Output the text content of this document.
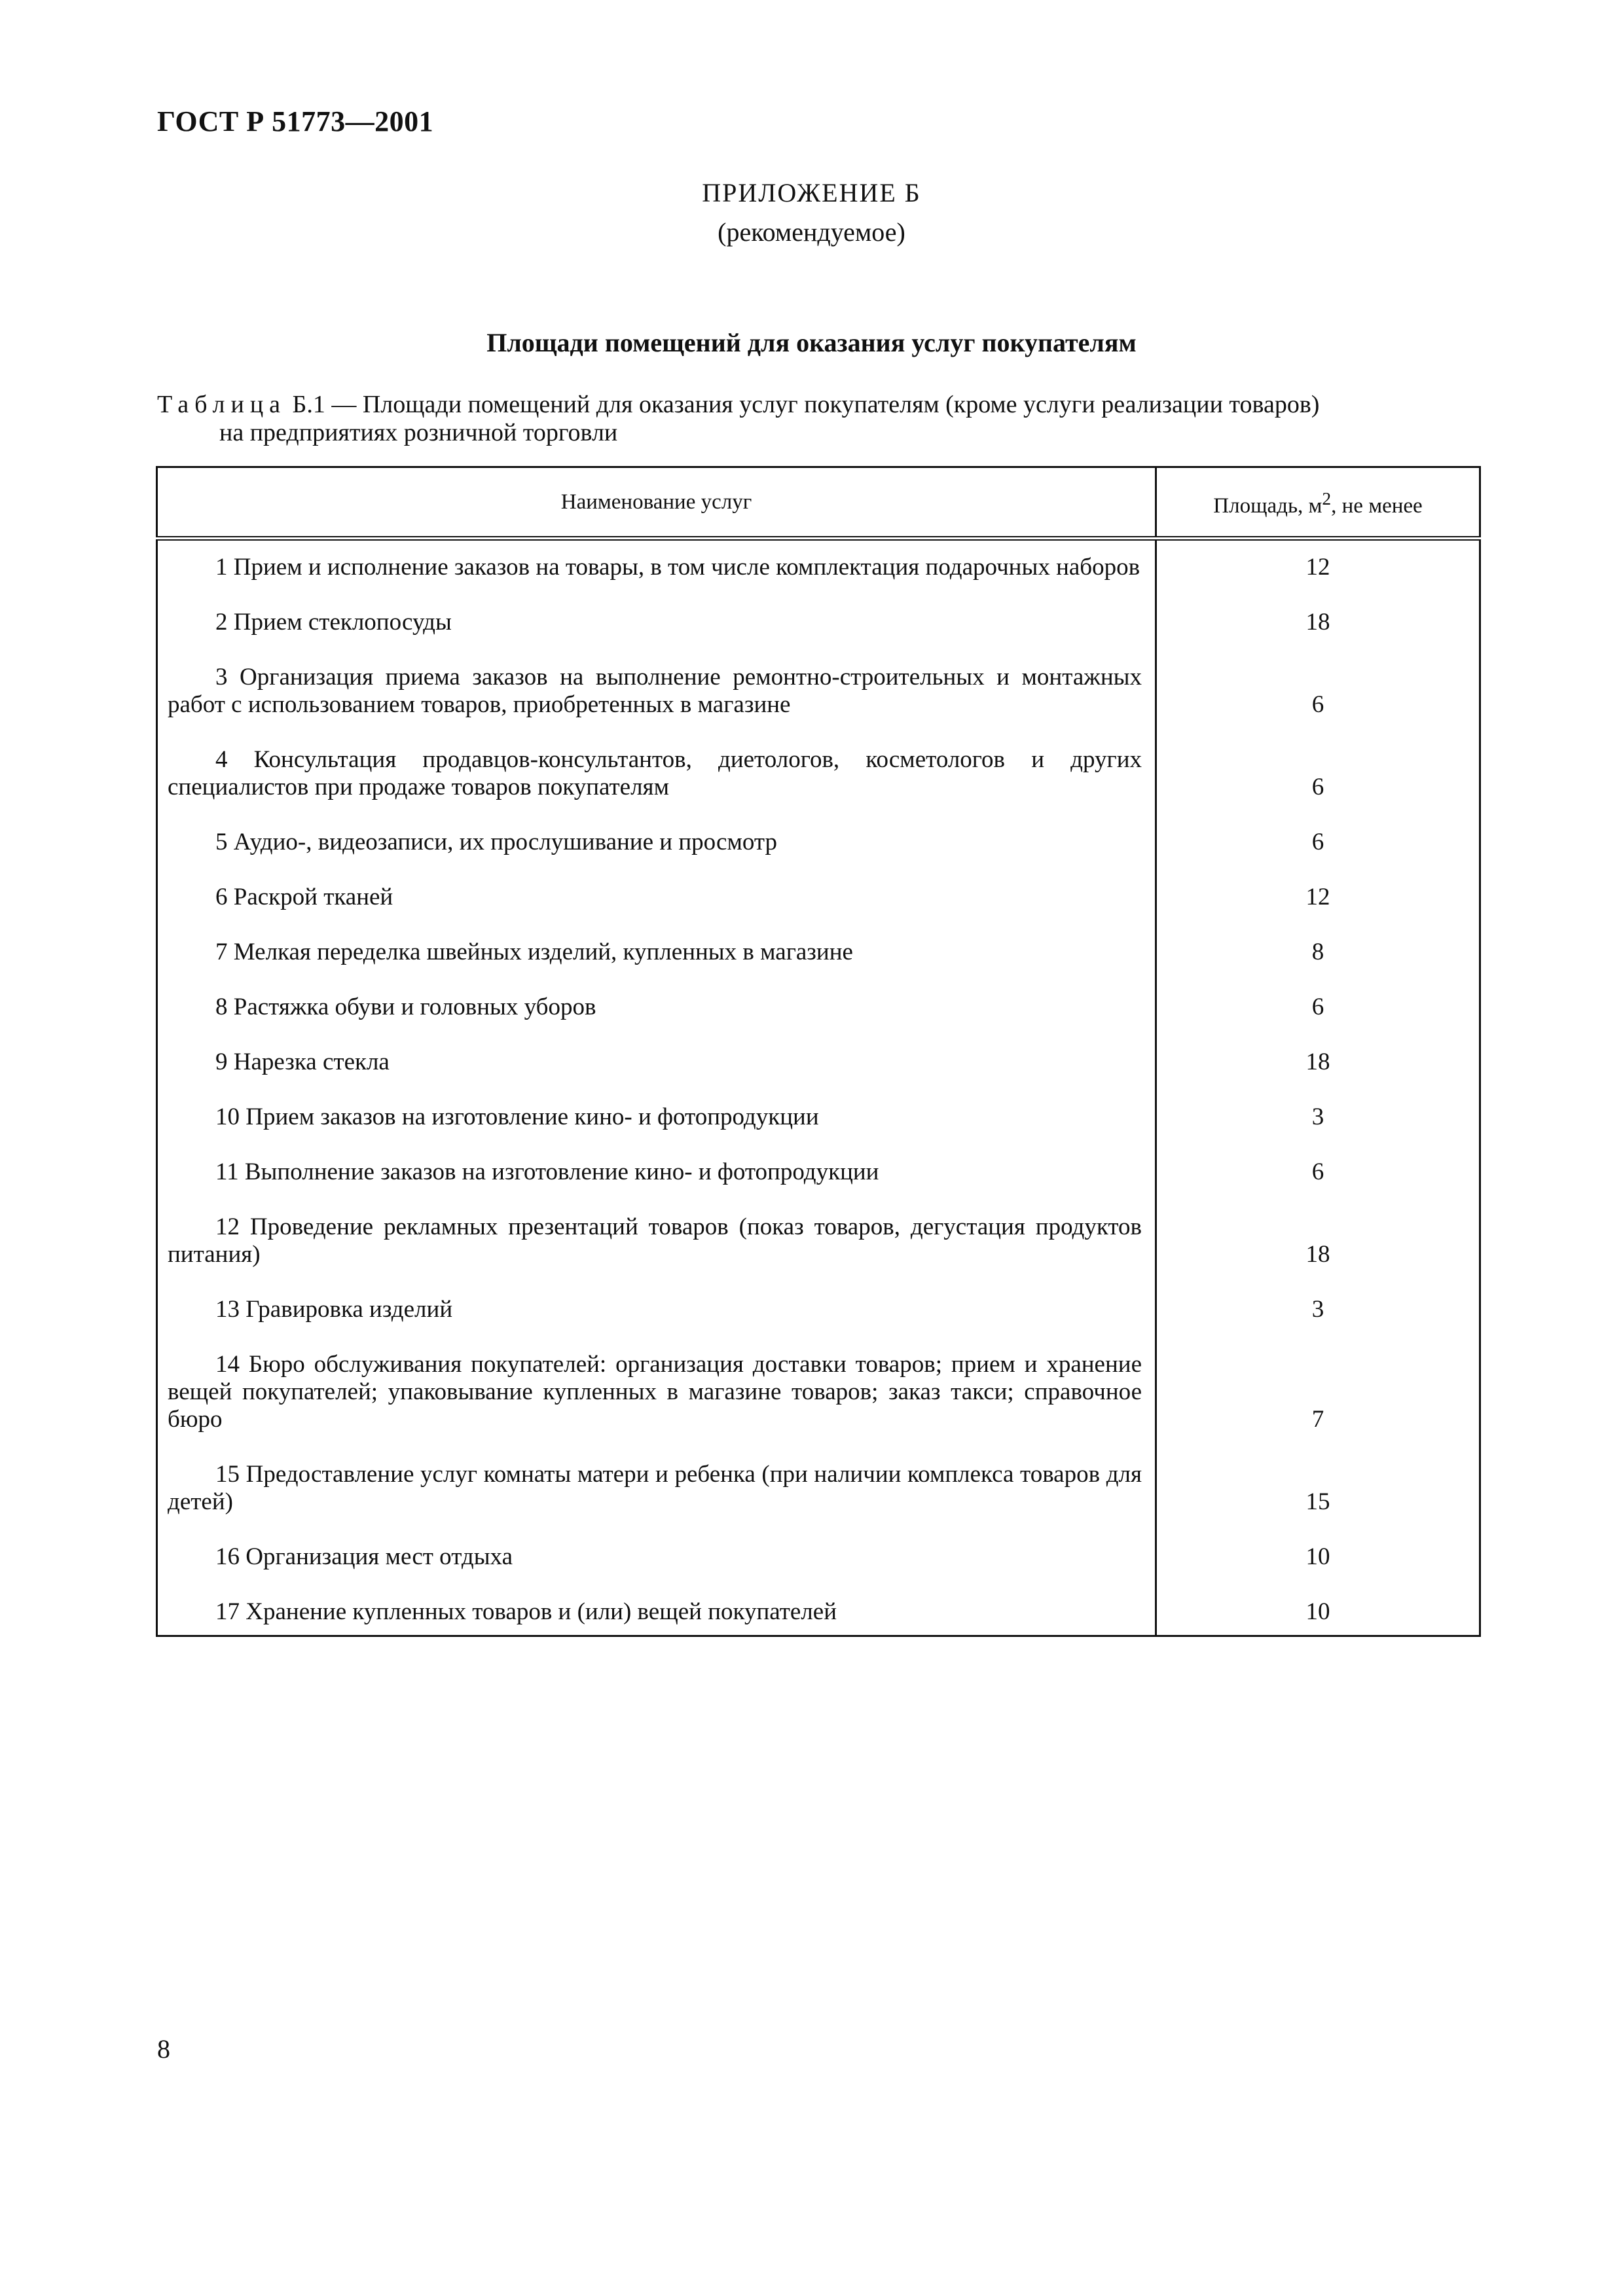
ГОСТ Р 51773—2001
ПРИЛОЖЕНИЕ Б
(рекомендуемое)
Площади помещений для оказания услуг покупателям
Таблица Б.1 — Площади помещений для оказания услуг покупателям (кроме услуги реализации товаров)
на предприятиях розничной торговли
Наименование услуг	Площадь, $м^2$, не менее
1 Прием и исполнение заказов на товары, в том числе комплектация подарочных наборов	12
2 Прием стеклопосуды	18
3 Организация приема заказов на выполнение ремонтно-строительных и монтажных работ с использованием товаров, приобретенных в магазине	6
4 Консультация продавцов-консультантов, диетологов, косметологов и других специалистов при продаже товаров покупателям	6
5 Аудио-, видеозаписи, их прослушивание и просмотр	6
6 Раскрой тканей	12
7 Мелкая переделка швейных изделий, купленных в магазине	8
8 Растяжка обуви и головных уборов	6
9 Нарезка стекла	18
10 Прием заказов на изготовление кино- и фотопродукции	3
11 Выполнение заказов на изготовление кино- и фотопродукции	6
12 Проведение рекламных презентаций товаров (показ товаров, дегустация продуктов питания)	18
13 Гравировка изделий	3
14 Бюро обслуживания покупателей: организация доставки товаров; прием и хранение вещей покупателей; упаковывание купленных в магазине товаров; заказ такси; справочное бюро	7
15 Предоставление услуг комнаты матери и ребенка (при наличии комплекса товаров для детей)	15
16 Организация мест отдыха	10
17 Хранение купленных товаров и (или) вещей покупателей	10
8
